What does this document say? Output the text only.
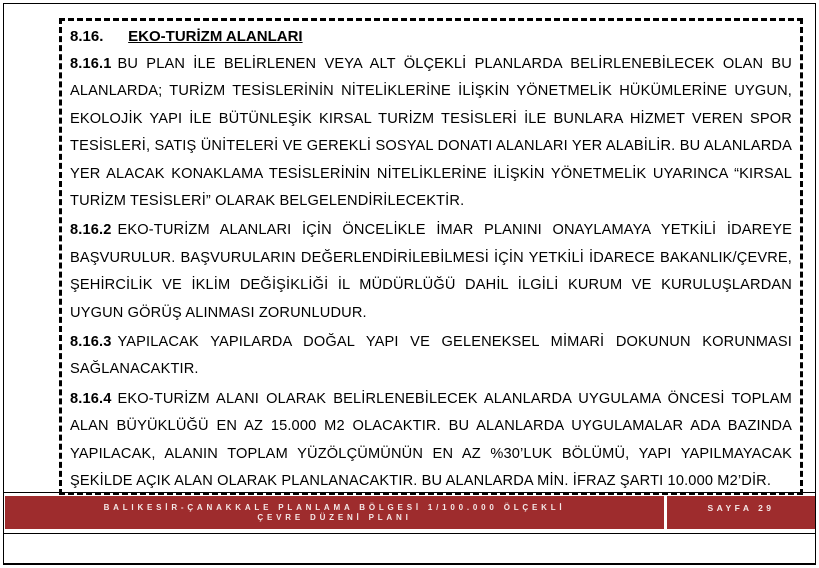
8.16. EKO-TURİZM ALANLARI

8.16.1 BU PLAN İLE BELİRLENEN VEYA ALT ÖLÇEKLİ PLANLARDA BELİRLENEBİLECEK OLAN BU ALANLARDA; TURİZM TESİSLERİNİN NİTELİKLERİNE İLİŞKİN YÖNETMELİK HÜKÜMLERİNE UYGUN, EKOLOJİK YAPI İLE BÜTÜNLEŞİK KIRSAL TURİZM TESİSLERİ İLE BUNLARA HİZMET VEREN SPOR TESİSLERİ, SATIŞ ÜNİTELERİ VE GEREKLİ SOSYAL DONATI ALANLARI YER ALABİLİR. BU ALANLARDA YER ALACAK KONAKLAMA TESİSLERİNİN NİTELİKLERİNE İLİŞKİN YÖNETMELİK UYARINCA “KIRSAL TURİZM TESİSLERİ” OLARAK BELGELENDİRİLECEKTİR.

8.16.2 EKO-TURİZM ALANLARI İÇİN ÖNCELİKLE İMAR PLANINI ONAYLAMAYA YETKİLİ İDAREYE BAŞVURULUR. BAŞVURULARIN DEĞERLENDİRİLEBİLMESİ İÇİN YETKİLİ İDARECE BAKANLIK/ÇEVRE, ŞEHİRCİLİK VE İKLİM DEĞİŞİKLİĞİ İL MÜDÜRLÜĞÜ DAHİL İLGİLİ KURUM VE KURULUŞLARDAN UYGUN GÖRÜŞ ALINMASI ZORUNLUDUR.

8.16.3 YAPILACAK YAPILARDA DOĞAL YAPI VE GELENEKSEL MİMARİ DOKUNUN KORUNMASI SAĞLANACAKTIR.

8.16.4 EKO-TURİZM ALANI OLARAK BELİRLENEBİLECEK ALANLARDA UYGULAMA ÖNCESİ TOPLAM ALAN BÜYÜKLÜĞÜ EN AZ 15.000 M2 OLACAKTIR. BU ALANLARDA UYGULAMALAR ADA BAZINDA YAPILACAK, ALANIN TOPLAM YÜZÖLÇÜMÜNÜN EN AZ %30’LUK BÖLÜMÜ, YAPI YAPILMAYACAK ŞEKİLDE AÇIK ALAN OLARAK PLANLANACAKTIR. BU ALANLARDA MİN. İFRAZ ŞARTI 10.000 M2’DİR.

BALIKESİR-ÇANAKKALE PLANLAMA BÖLGESİ 1/100.000 ÖLÇEKLİ
ÇEVRE DÜZENİ PLANI
SAYFA 29
